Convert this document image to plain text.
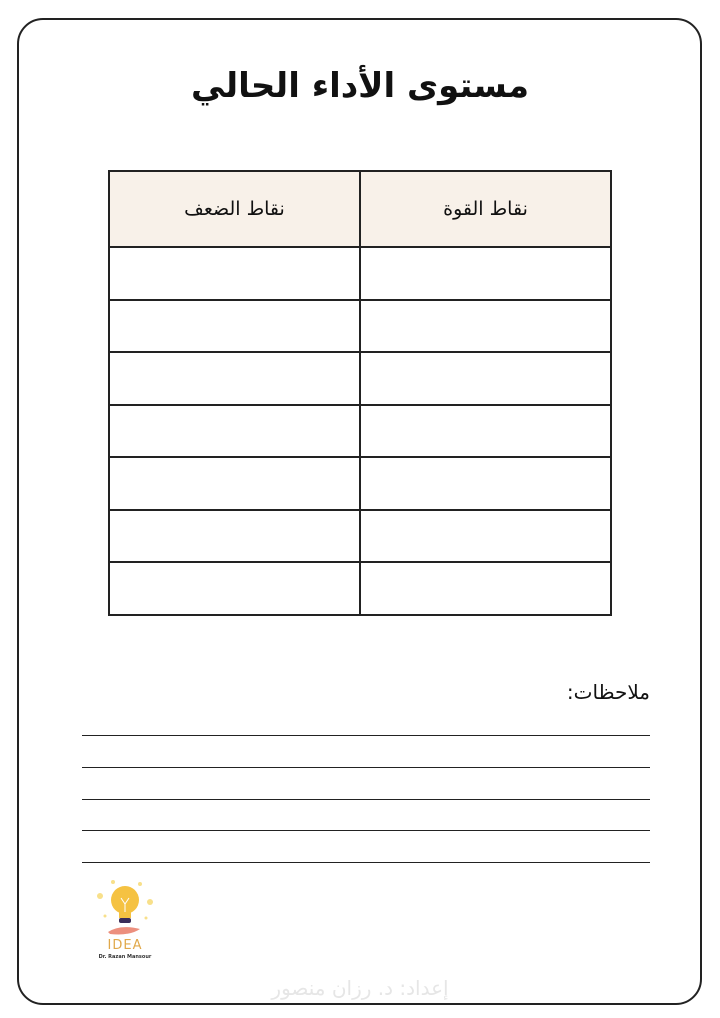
مستوى الأداء الحالي
نقاط القوة	نقاط الضعف

ملاحظات:
IDEA
Dr. Razan Mansour
إعداد: د. رزان منصور
